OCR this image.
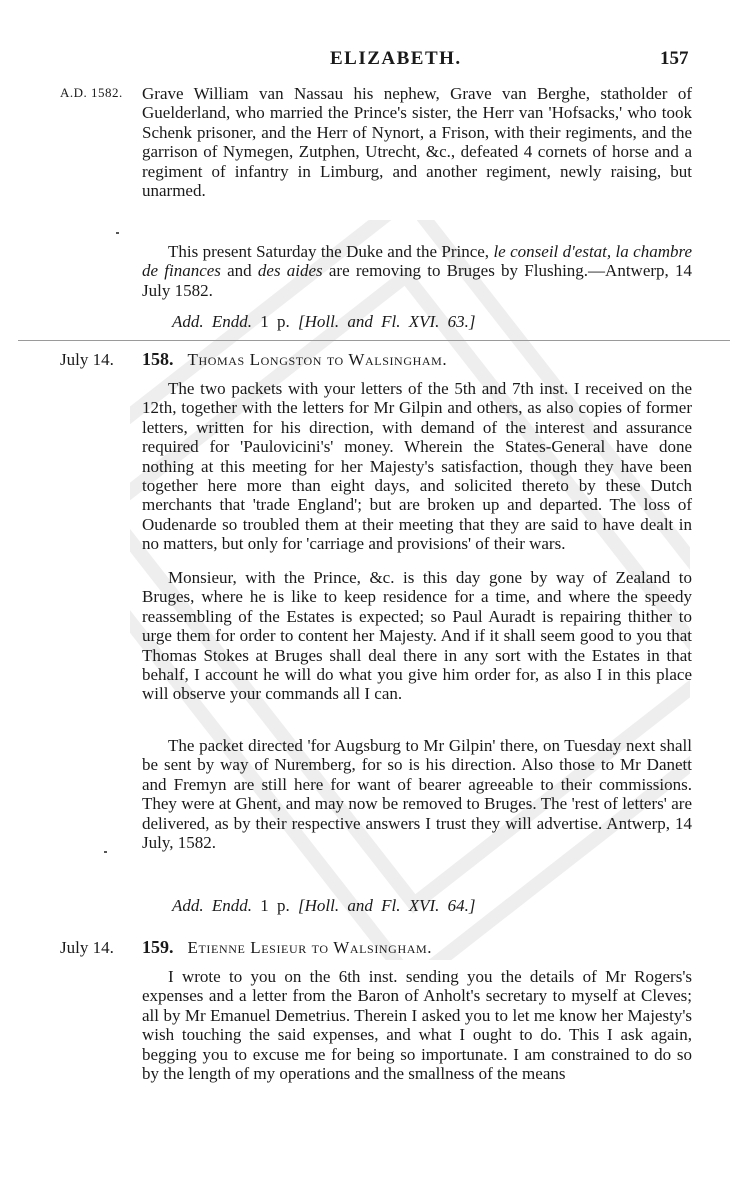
ELIZABETH.	157
A.D. 1582. Grave William van Nassau his nephew, Grave van Berghe, statholder of Guelderland, who married the Prince's sister, the Herr van 'Hofsacks,' who took Schenk prisoner, and the Herr of Nynort, a Frison, with their regiments, and the garrison of Nymegen, Zutphen, Utrecht, &c., defeated 4 cornets of horse and a regiment of infantry in Limburg, and another regiment, newly raising, but unarmed.
This present Saturday the Duke and the Prince, le conseil d'estat, la chambre de finances and des aides are removing to Bruges by Flushing.—Antwerp, 14 July 1582.
Add. Endd. 1 p. [Holl. and Fl. XVI. 63.]
July 14. 158. Thomas Longston to Walsingham.
The two packets with your letters of the 5th and 7th inst. I received on the 12th, together with the letters for Mr Gilpin and others, as also copies of former letters, written for his direction, with demand of the interest and assurance required for 'Paulovicini's' money. Wherein the States-General have done nothing at this meeting for her Majesty's satisfaction, though they have been together here more than eight days, and solicited thereto by these Dutch merchants that 'trade England'; but are broken up and departed. The loss of Oudenarde so troubled them at their meeting that they are said to have dealt in no matters, but only for 'carriage and provisions' of their wars.
Monsieur, with the Prince, &c. is this day gone by way of Zealand to Bruges, where he is like to keep residence for a time, and where the speedy reassembling of the Estates is expected; so Paul Auradt is repairing thither to urge them for order to content her Majesty. And if it shall seem good to you that Thomas Stokes at Bruges shall deal there in any sort with the Estates in that behalf, I account he will do what you give him order for, as also I in this place will observe your commands all I can.
The packet directed 'for Augsburg to Mr Gilpin' there, on Tuesday next shall be sent by way of Nuremberg, for so is his direction. Also those to Mr Danett and Fremyn are still here for want of bearer agreeable to their commissions. They were at Ghent, and may now be removed to Bruges. The 'rest of letters' are delivered, as by their respective answers I trust they will advertise. Antwerp, 14 July, 1582.
Add. Endd. 1 p. [Holl. and Fl. XVI. 64.]
July 14. 159. Etienne Lesieur to Walsingham.
I wrote to you on the 6th inst. sending you the details of Mr Rogers's expenses and a letter from the Baron of Anholt's secretary to myself at Cleves; all by Mr Emanuel Demetrius. Therein I asked you to let me know her Majesty's wish touching the said expenses, and what I ought to do. This I ask again, begging you to excuse me for being so importunate. I am constrained to do so by the length of my operations and the smallness of the means
